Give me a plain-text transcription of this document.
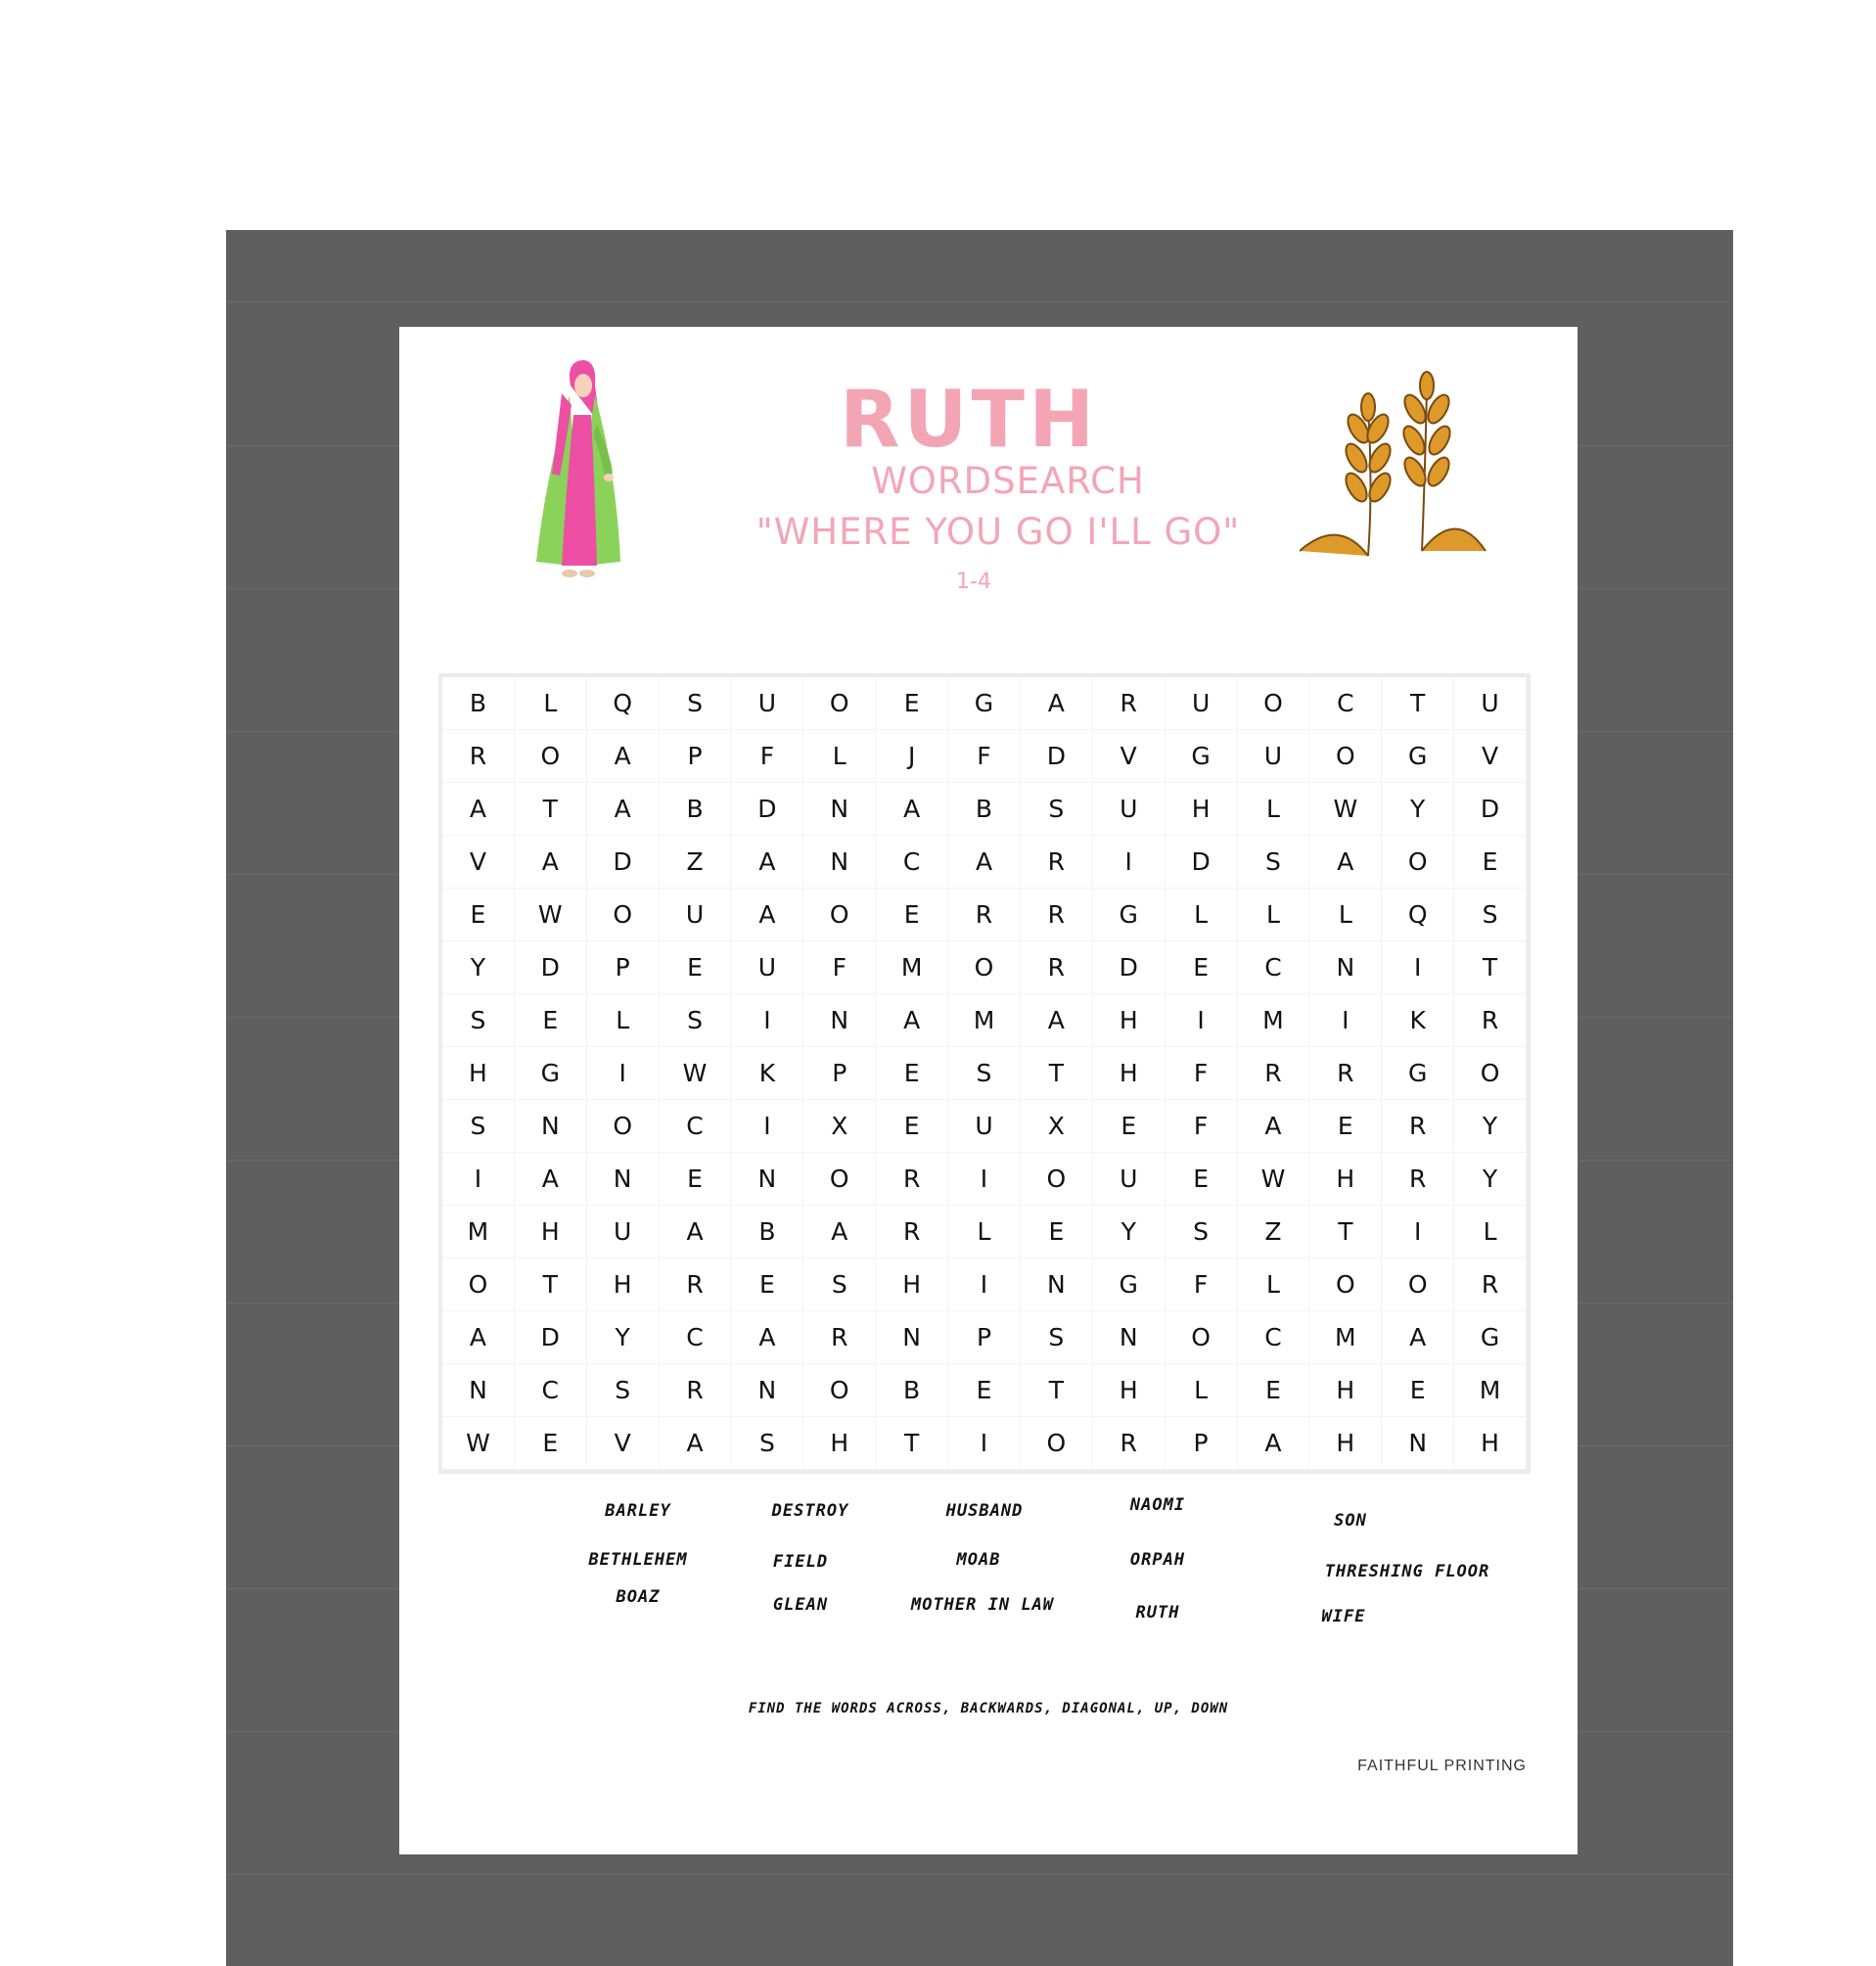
RUTH
WORDSEARCH
"WHERE YOU GO I'LL GO"
1-4
B	L	Q	S	U	O	E	G	A	R	U	O	C	T	U
R	O	A	P	F	L	J	F	D	V	G	U	O	G	V
A	T	A	B	D	N	A	B	S	U	H	L	W	Y	D
V	A	D	Z	A	N	C	A	R	I	D	S	A	O	E
E	W	O	U	A	O	E	R	R	G	L	L	L	Q	S
Y	D	P	E	U	F	M	O	R	D	E	C	N	I	T
S	E	L	S	I	N	A	M	A	H	I	M	I	K	R
H	G	I	W	K	P	E	S	T	H	F	R	R	G	O
S	N	O	C	I	X	E	U	X	E	F	A	E	R	Y
I	A	N	E	N	O	R	I	O	U	E	W	H	R	Y
M	H	U	A	B	A	R	L	E	Y	S	Z	T	I	L
O	T	H	R	E	S	H	I	N	G	F	L	O	O	R
A	D	Y	C	A	R	N	P	S	N	O	C	M	A	G
N	C	S	R	N	O	B	E	T	H	L	E	H	E	M
W	E	V	A	S	H	T	I	O	R	P	A	H	N	H
BARLEY
BETHLEHEM
BOAZ
DESTROY
FIELD
GLEAN
HUSBAND
MOAB
MOTHER IN LAW
NAOMI
ORPAH
RUTH
SON
THRESHING FLOOR
WIFE
FIND THE WORDS ACROSS, BACKWARDS, DIAGONAL, UP, DOWN
FAITHFUL PRINTING
